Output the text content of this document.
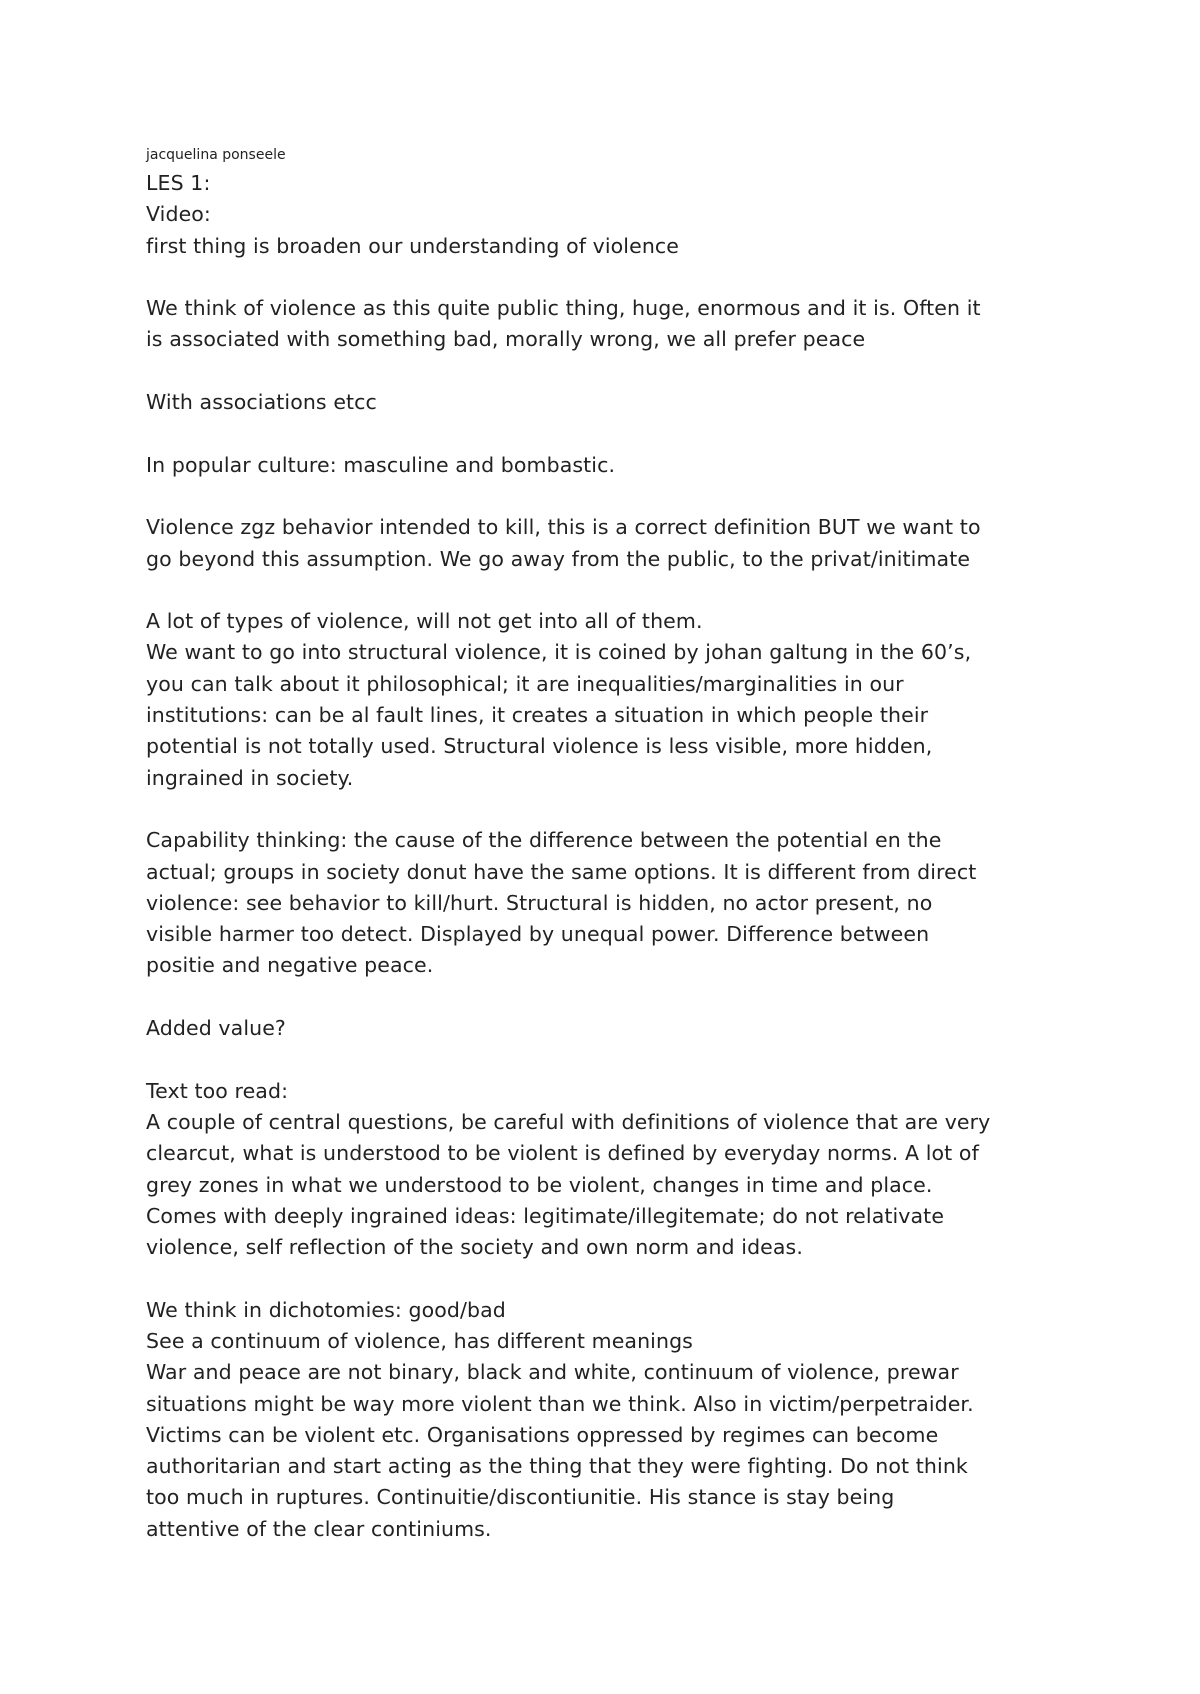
jacquelina ponseele
LES 1:
Video:
first thing is broaden our understanding of violence
We think of violence as this quite public thing, huge, enormous and it is. Often it
is associated with something bad, morally wrong, we all prefer peace
With associations etcc
In popular culture: masculine and bombastic.
Violence zgz behavior intended to kill, this is a correct definition BUT we want to
go beyond this assumption. We go away from the public, to the privat/initimate
A lot of types of violence, will not get into all of them.
We want to go into structural violence, it is coined by johan galtung in the 60’s,
you can talk about it philosophical; it are inequalities/marginalities in our
institutions: can be al fault lines, it creates a situation in which people their
potential is not totally used. Structural violence is less visible, more hidden,
ingrained in society.
Capability thinking: the cause of the difference between the potential en the
actual; groups in society donut have the same options. It is different from direct
violence: see behavior to kill/hurt. Structural is hidden, no actor present, no
visible harmer too detect. Displayed by unequal power. Difference between
positie and negative peace.
Added value?
Text too read:
A couple of central questions, be careful with definitions of violence that are very
clearcut, what is understood to be violent is defined by everyday norms. A lot of
grey zones in what we understood to be violent, changes in time and place.
Comes with deeply ingrained ideas: legitimate/illegitemate; do not relativate
violence, self reflection of the society and own norm and ideas.
We think in dichotomies: good/bad
See a continuum of violence, has different meanings
War and peace are not binary, black and white, continuum of violence, prewar
situations might be way more violent than we think. Also in victim/perpetraider.
Victims can be violent etc. Organisations oppressed by regimes can become
authoritarian and start acting as the thing that they were fighting. Do not think
too much in ruptures. Continuitie/discontiunitie. His stance is stay being
attentive of the clear continiums.
